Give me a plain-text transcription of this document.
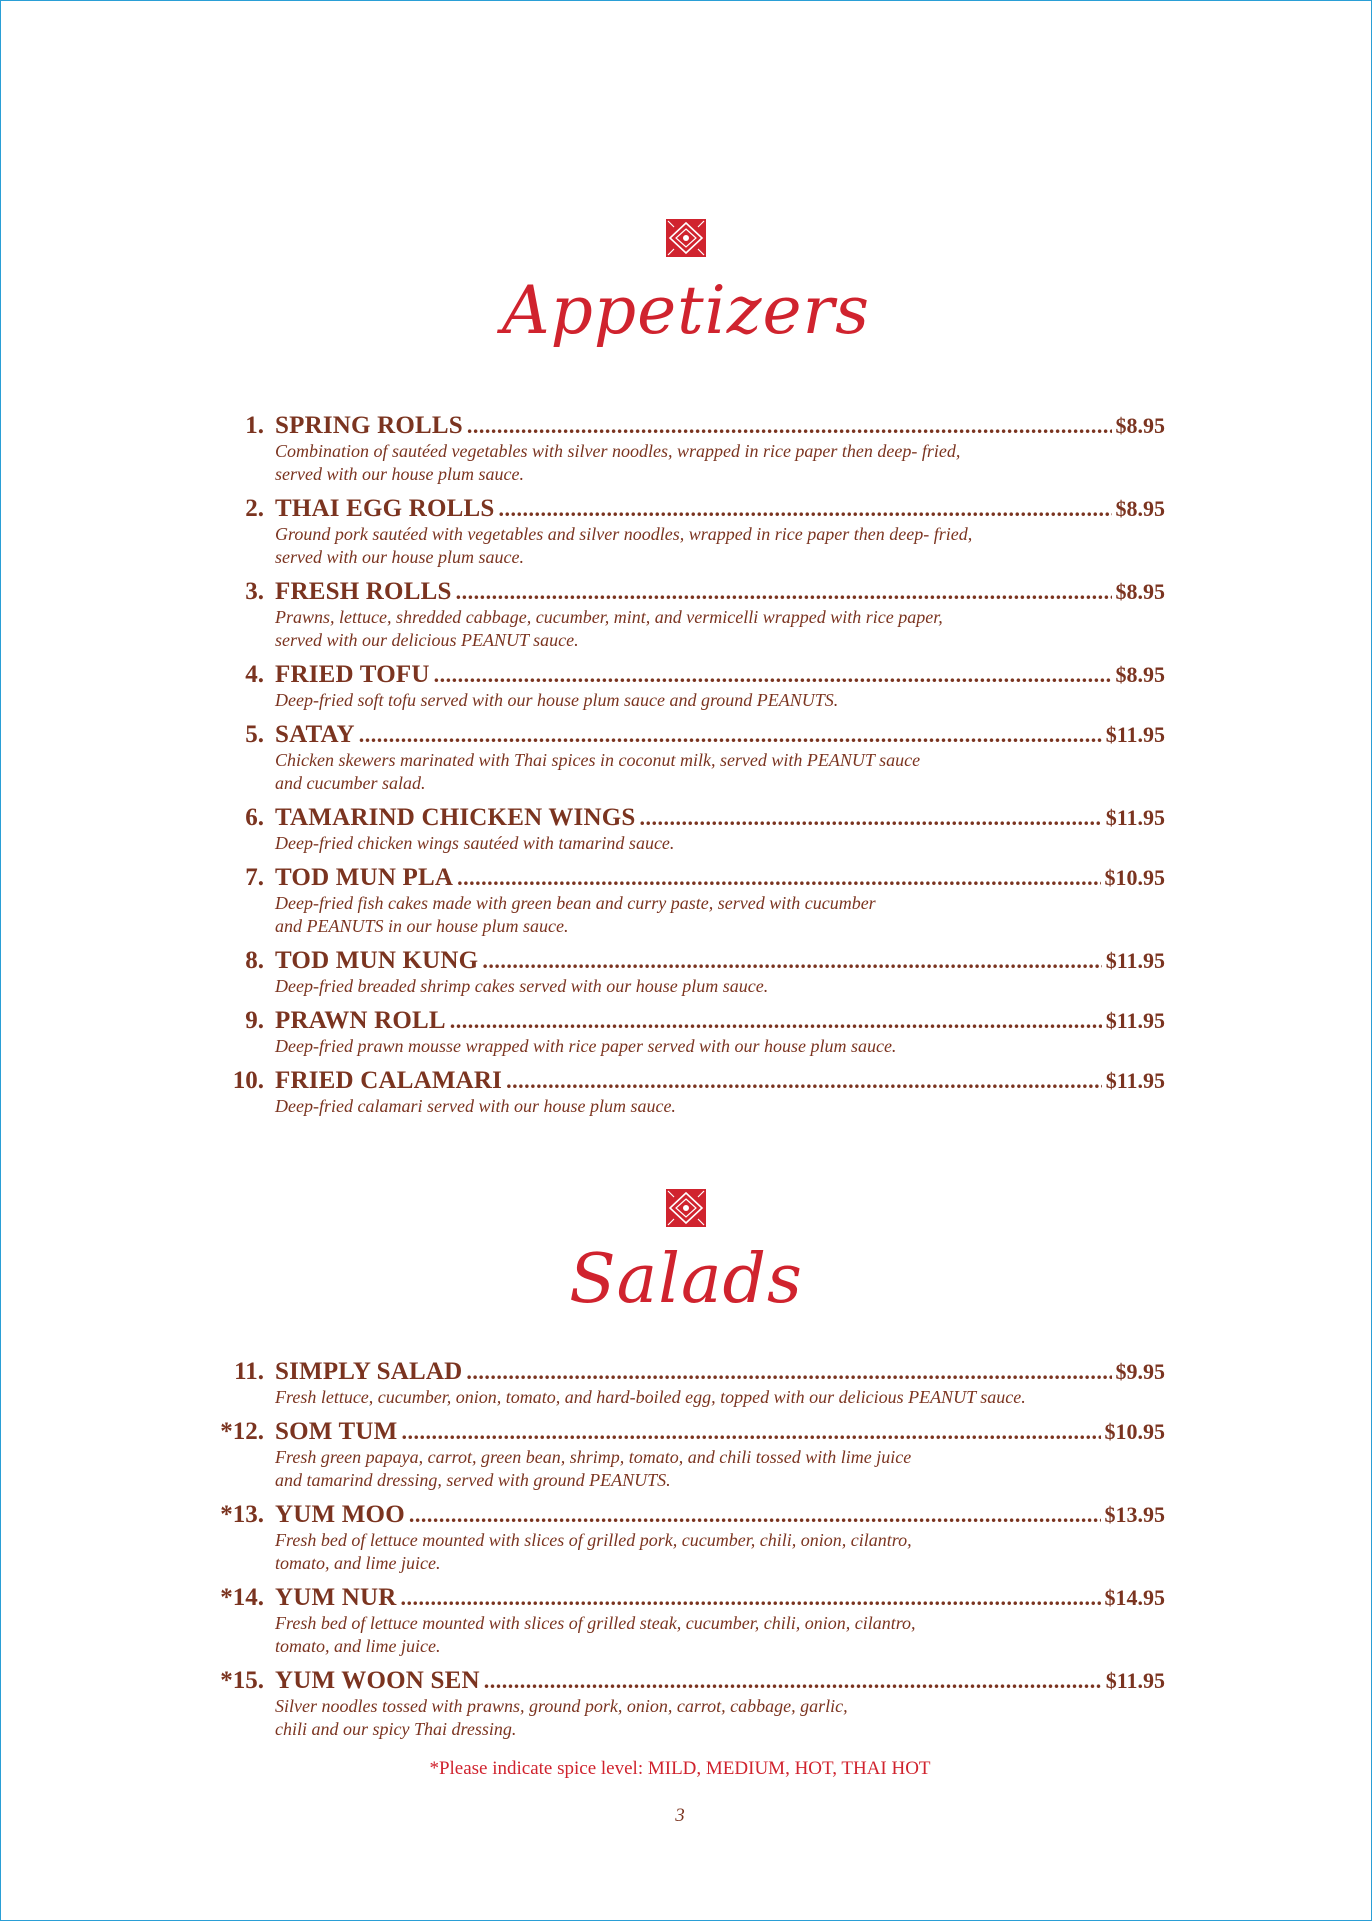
Appetizers
1. SPRING ROLLS .....	$8.95
Combination of sautéed vegetables with silver noodles, wrapped in rice paper then deep- fried,
served with our house plum sauce.
2. THAI EGG ROLLS .....	$8.95
Ground pork sautéed with vegetables and silver noodles, wrapped in rice paper then deep- fried,
served with our house plum sauce.
3. FRESH ROLLS .....	$8.95
Prawns, lettuce, shredded cabbage, cucumber, mint, and vermicelli wrapped with rice paper,
served with our delicious PEANUT sauce.
4. FRIED TOFU .....	$8.95
Deep-fried soft tofu served with our house plum sauce and ground PEANUTS.
5. SATAY .....	$11.95
Chicken skewers marinated with Thai spices in coconut milk, served with PEANUT sauce
and cucumber salad.
6. TAMARIND CHICKEN WINGS .....	$11.95
Deep-fried chicken wings sautéed with tamarind sauce.
7. TOD MUN PLA .....	$10.95
Deep-fried fish cakes made with green bean and curry paste, served with cucumber
and PEANUTS in our house plum sauce.
8. TOD MUN KUNG .....	$11.95
Deep-fried breaded shrimp cakes served with our house plum sauce.
9. PRAWN ROLL .....	$11.95
Deep-fried prawn mousse wrapped with rice paper served with our house plum sauce.
10. FRIED CALAMARI .....	$11.95
Deep-fried calamari served with our house plum sauce.
Salads
11. SIMPLY SALAD .....	$9.95
Fresh lettuce, cucumber, onion, tomato, and hard-boiled egg, topped with our delicious PEANUT sauce.
*12. SOM TUM .....	$10.95
Fresh green papaya, carrot, green bean, shrimp, tomato, and chili tossed with lime juice
and tamarind dressing, served with ground PEANUTS.
*13. YUM MOO .....	$13.95
Fresh bed of lettuce mounted with slices of grilled pork, cucumber, chili, onion, cilantro,
tomato, and lime juice.
*14. YUM NUR .....	$14.95
Fresh bed of lettuce mounted with slices of grilled steak, cucumber, chili, onion, cilantro,
tomato, and lime juice.
*15. YUM WOON SEN .....	$11.95
Silver noodles tossed with prawns, ground pork, onion, carrot, cabbage, garlic,
chili and our spicy Thai dressing.
*Please indicate spice level: MILD, MEDIUM, HOT, THAI HOT
3
